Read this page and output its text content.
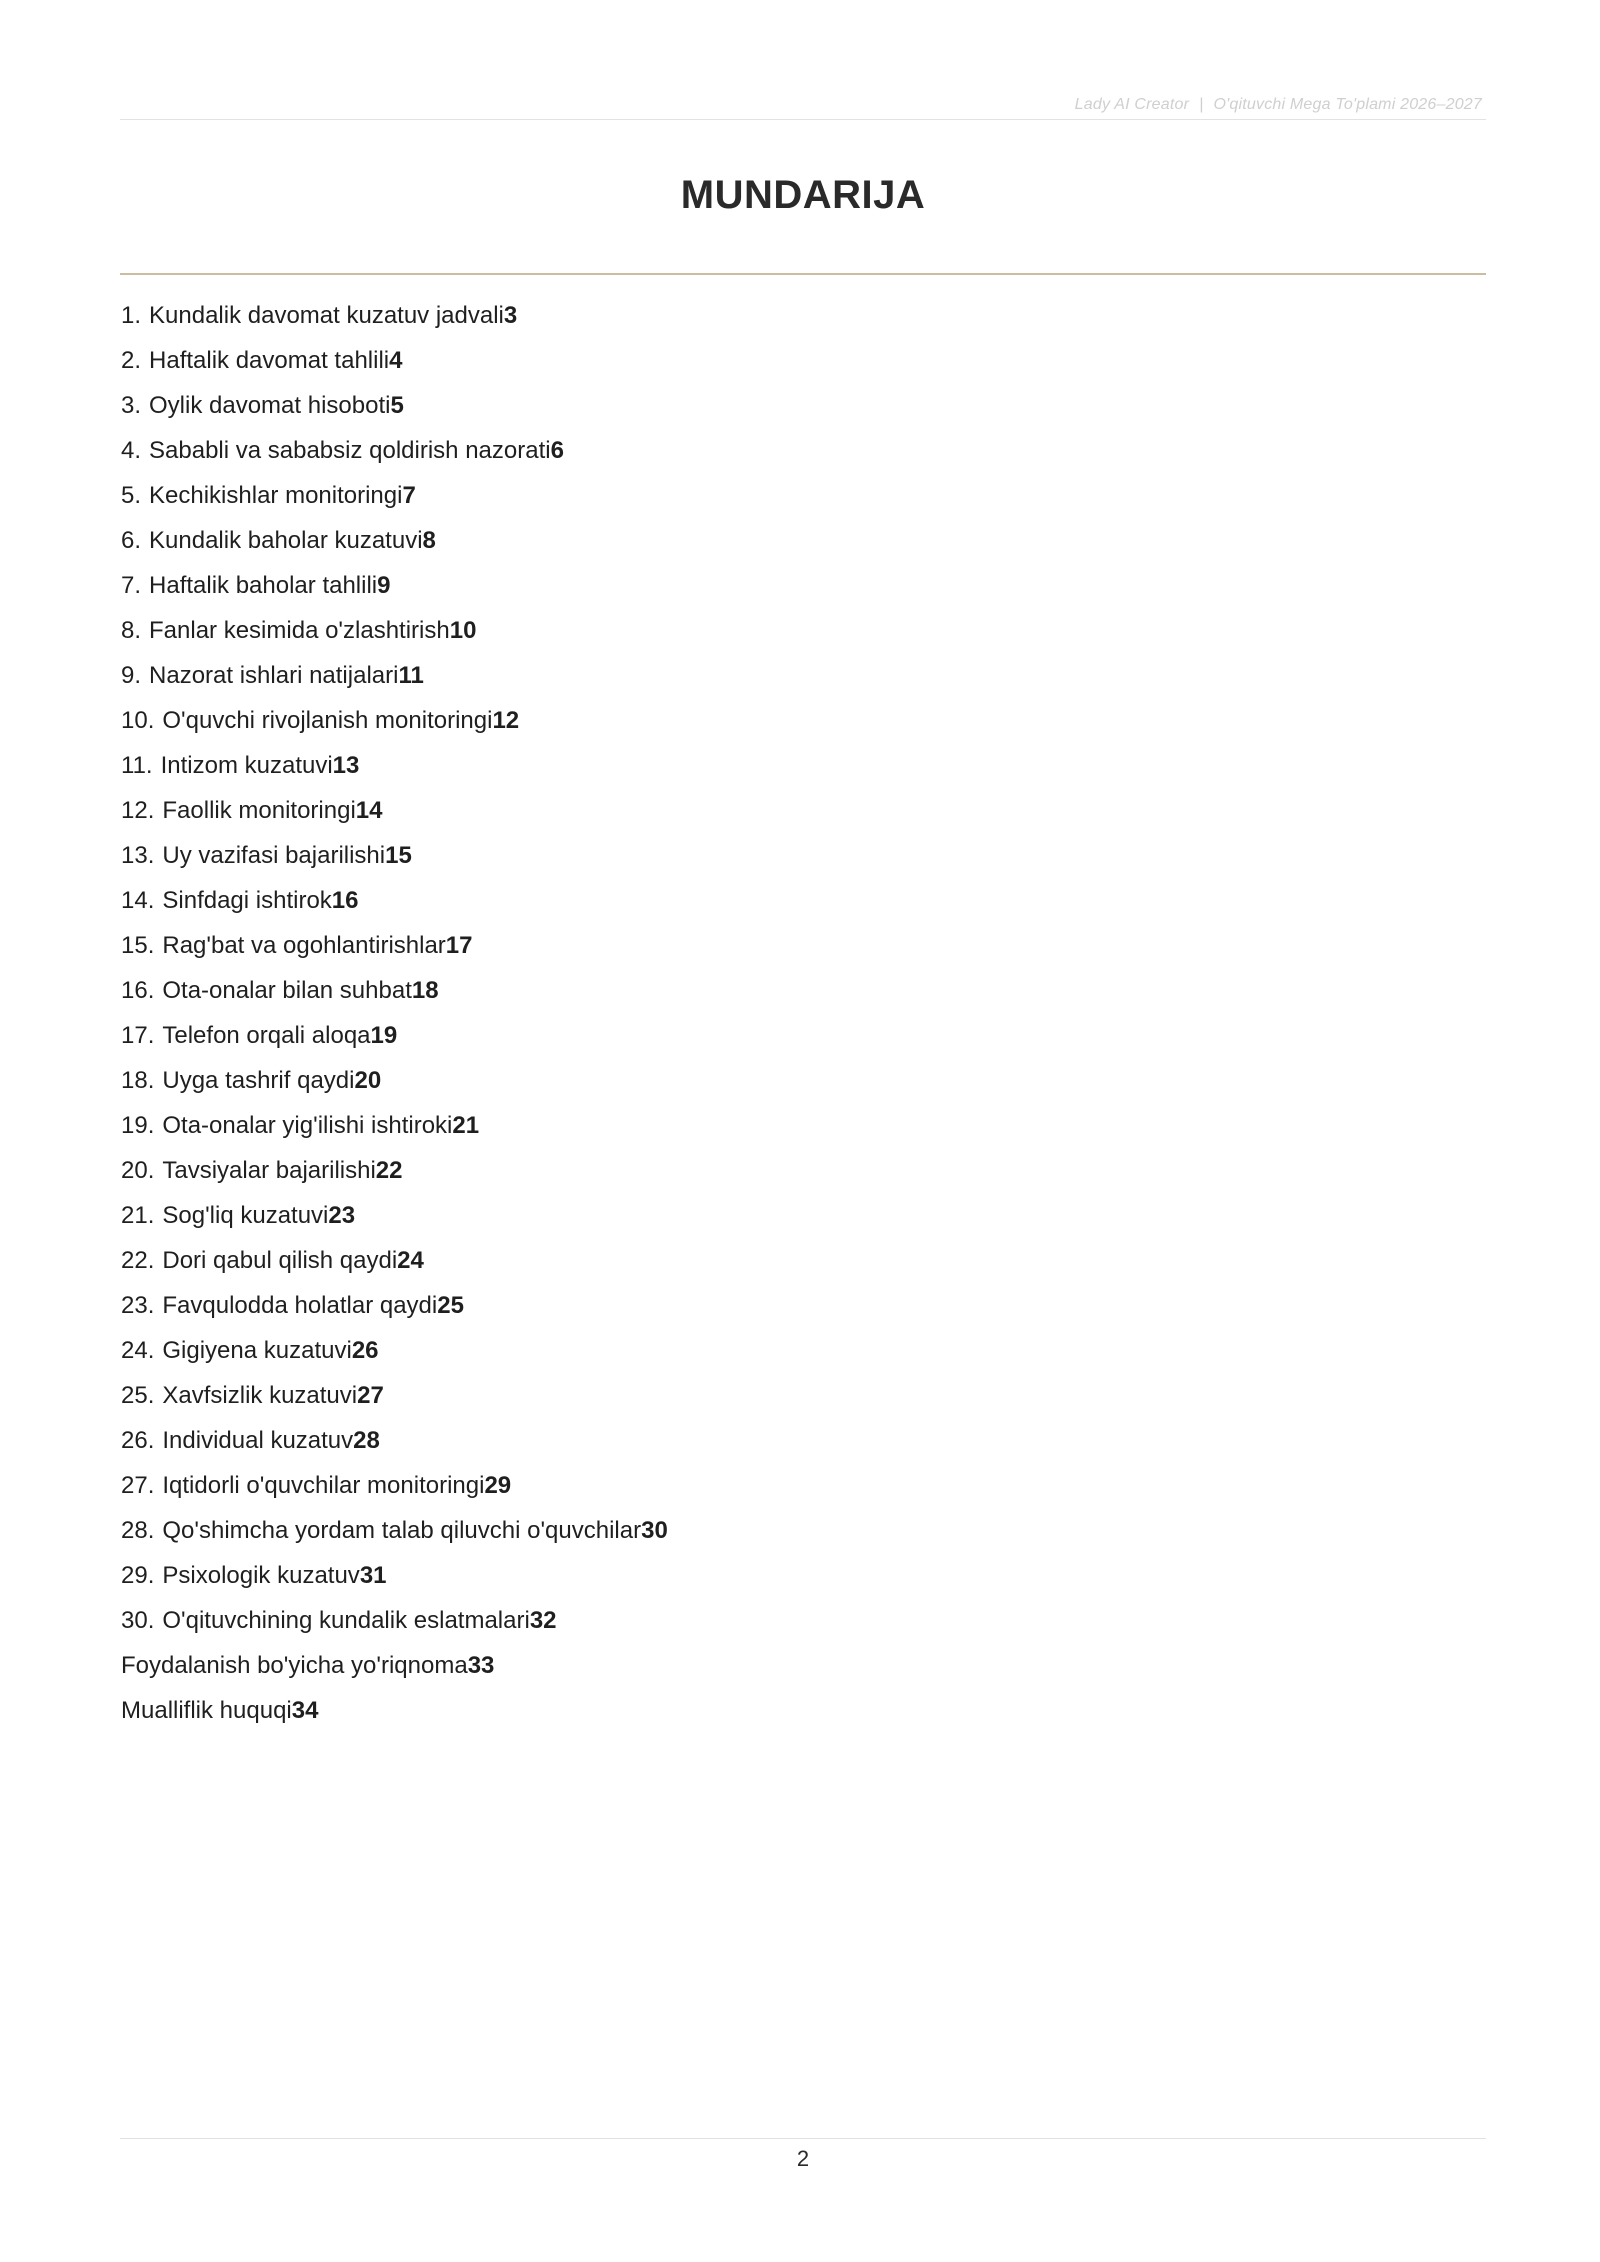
Lady AI Creator | O'qituvchi Mega To'plami 2026–2027
MUNDARIJA
1. Kundalik davomat kuzatuv jadvali3
2. Haftalik davomat tahlili4
3. Oylik davomat hisoboti5
4. Sababli va sababsiz qoldirish nazorati6
5. Kechikishlar monitoringi7
6. Kundalik baholar kuzatuvi8
7. Haftalik baholar tahlili9
8. Fanlar kesimida o'zlashtirish10
9. Nazorat ishlari natijalari11
10. O'quvchi rivojlanish monitoringi12
11. Intizom kuzatuvi13
12. Faollik monitoringi14
13. Uy vazifasi bajarilishi15
14. Sinfdagi ishtirok16
15. Rag'bat va ogohlantirishlar17
16. Ota-onalar bilan suhbat18
17. Telefon orqali aloqa19
18. Uyga tashrif qaydi20
19. Ota-onalar yig'ilishi ishtiroki21
20. Tavsiyalar bajarilishi22
21. Sog'liq kuzatuvi23
22. Dori qabul qilish qaydi24
23. Favqulodda holatlar qaydi25
24. Gigiyena kuzatuvi26
25. Xavfsizlik kuzatuvi27
26. Individual kuzatuv28
27. Iqtidorli o'quvchilar monitoringi29
28. Qo'shimcha yordam talab qiluvchi o'quvchilar30
29. Psixologik kuzatuv31
30. O'qituvchining kundalik eslatmalari32
Foydalanish bo'yicha yo'riqnoma33
Mualliflik huquqi34
2
